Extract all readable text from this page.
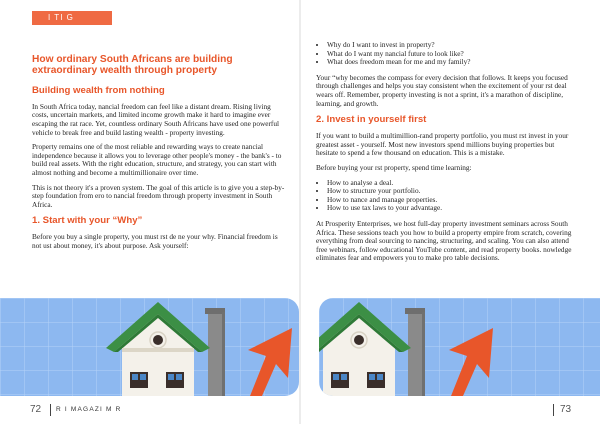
I TI G
How ordinary South Africans are building extraordinary wealth through property
Building wealth from nothing

In South Africa today, nancial freedom can feel like a distant dream. Rising living costs, uncertain markets, and limited income growth make it hard to imagine ever escaping the rat race. Yet, countless ordinary South Africans have used one powerful vehicle to break free and build lasting wealth - property investing.

Property remains one of the most reliable and rewarding ways to create nancial independence because it allows you to leverage other people's money - the bank's - to build real assets. With the right education, structure, and strategy, you can start with almost nothing and become a multimillionaire over time.

This is not theory it's a proven system. The goal of this article is to give you a step-by-step foundation from ero to nancial freedom through property investment in South Africa.

1. Start with your “Why”

Before you buy a single property, you must rst de ne your why. Financial freedom is not ust about money, it's about purpose. Ask yourself:

• Why do I want to invest in property?
• What do I want my nancial future to look like?
• What does freedom mean for me and my family?

Your “why becomes the compass for every decision that follows. It keeps you focused through challenges and helps you stay consistent when the excitement of your rst deal wears off. Remember, property investing is not a sprint, it's a marathon of discipline, learning, and growth.

2. Invest in yourself first

If you want to build a multimillion-rand property portfolio, you must rst invest in your greatest asset - yourself. Most new investors spend millions buying properties but hesitate to spend a few thousand on education. This is a mistake.

Before buying your rst property, spend time learning:

• How to analyse a deal.
• How to structure your portfolio.
• How to nance and manage properties.
• How to use tax laws to your advantage.

At Prosperity Enterprises, we host full-day property investment seminars across South Africa. These sessions teach you how to build a property empire from scratch, covering everything from deal sourcing to nancing, structuring, and scaling. You can also attend free webinars, follow educational YouTube content, and read property books. nowledge eliminates fear and empowers you to make pro table decisions.

72 R I MAGAZI M R	73
